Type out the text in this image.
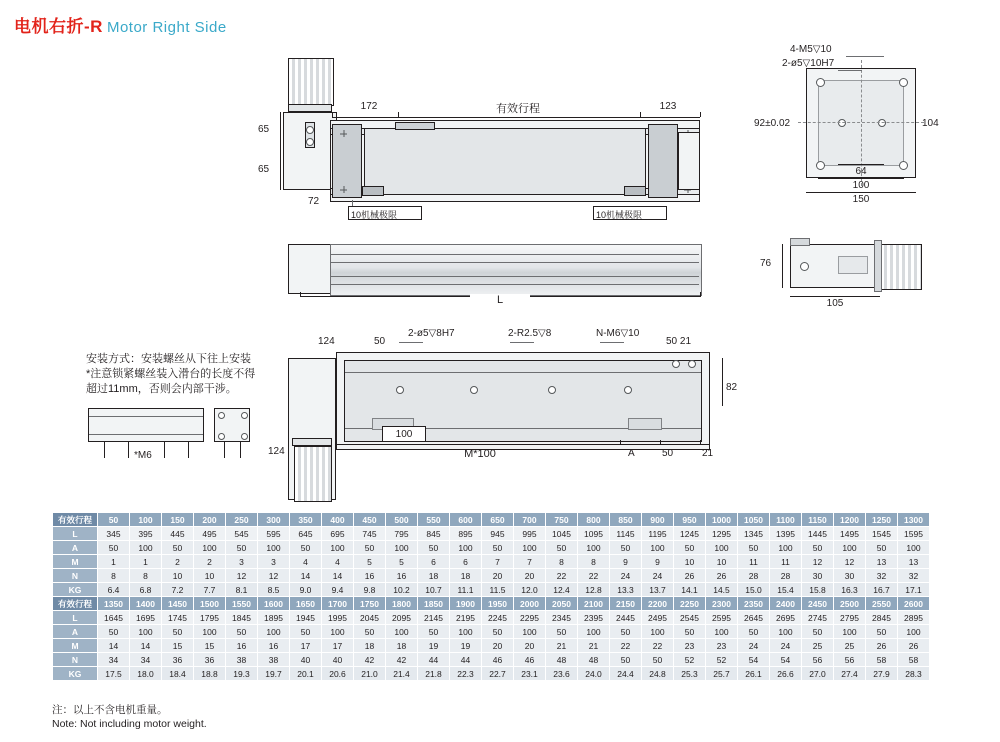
电机右折-R Motor Right Side
172	有效行程	123
65
65
72
10机械极限	10机械极限
L
4-M5▽10
2-ø5▽10H7
92±0.02	104
64
100
150
76
105
2-ø5▽8H7	2-R2.5▽8	N-M6▽10
124	50	50 21
82
100
124	M*100	A	50	21
安装方式：安装螺丝从下往上安装
*注意锁紧螺丝装入滑台的长度不得
超过11mm，否则会内部干涉。
*M6
有效行程	50	100	150	200	250	300	350	400	450	500	550	600	650	700	750	800	850	900	950	1000	1050	1100	1150	1200	1250	1300
L	345	395	445	495	545	595	645	695	745	795	845	895	945	995	1045	1095	1145	1195	1245	1295	1345	1395	1445	1495	1545	1595
A	50	100	50	100	50	100	50	100	50	100	50	100	50	100	50	100	50	100	50	100	50	100	50	100	50	100
M	1	1	2	2	3	3	4	4	5	5	6	6	7	7	8	8	9	9	10	10	11	11	12	12	13	13
N	8	8	10	10	12	12	14	14	16	16	18	18	20	20	22	22	24	24	26	26	28	28	30	30	32	32
KG	6.4	6.8	7.2	7.7	8.1	8.5	9.0	9.4	9.8	10.2	10.7	11.1	11.5	12.0	12.4	12.8	13.3	13.7	14.1	14.5	15.0	15.4	15.8	16.3	16.7	17.1
有效行程	1350	1400	1450	1500	1550	1600	1650	1700	1750	1800	1850	1900	1950	2000	2050	2100	2150	2200	2250	2300	2350	2400	2450	2500	2550	2600
L	1645	1695	1745	1795	1845	1895	1945	1995	2045	2095	2145	2195	2245	2295	2345	2395	2445	2495	2545	2595	2645	2695	2745	2795	2845	2895
A	50	100	50	100	50	100	50	100	50	100	50	100	50	100	50	100	50	100	50	100	50	100	50	100	50	100
M	14	14	15	15	16	16	17	17	18	18	19	19	20	20	21	21	22	22	23	23	24	24	25	25	26	26
N	34	34	36	36	38	38	40	40	42	42	44	44	46	46	48	48	50	50	52	52	54	54	56	56	58	58
KG	17.5	18.0	18.4	18.8	19.3	19.7	20.1	20.6	21.0	21.4	21.8	22.3	22.7	23.1	23.6	24.0	24.4	24.8	25.3	25.7	26.1	26.6	27.0	27.4	27.9	28.3
注：以上不含电机重量。
Note: Not including motor weight.
